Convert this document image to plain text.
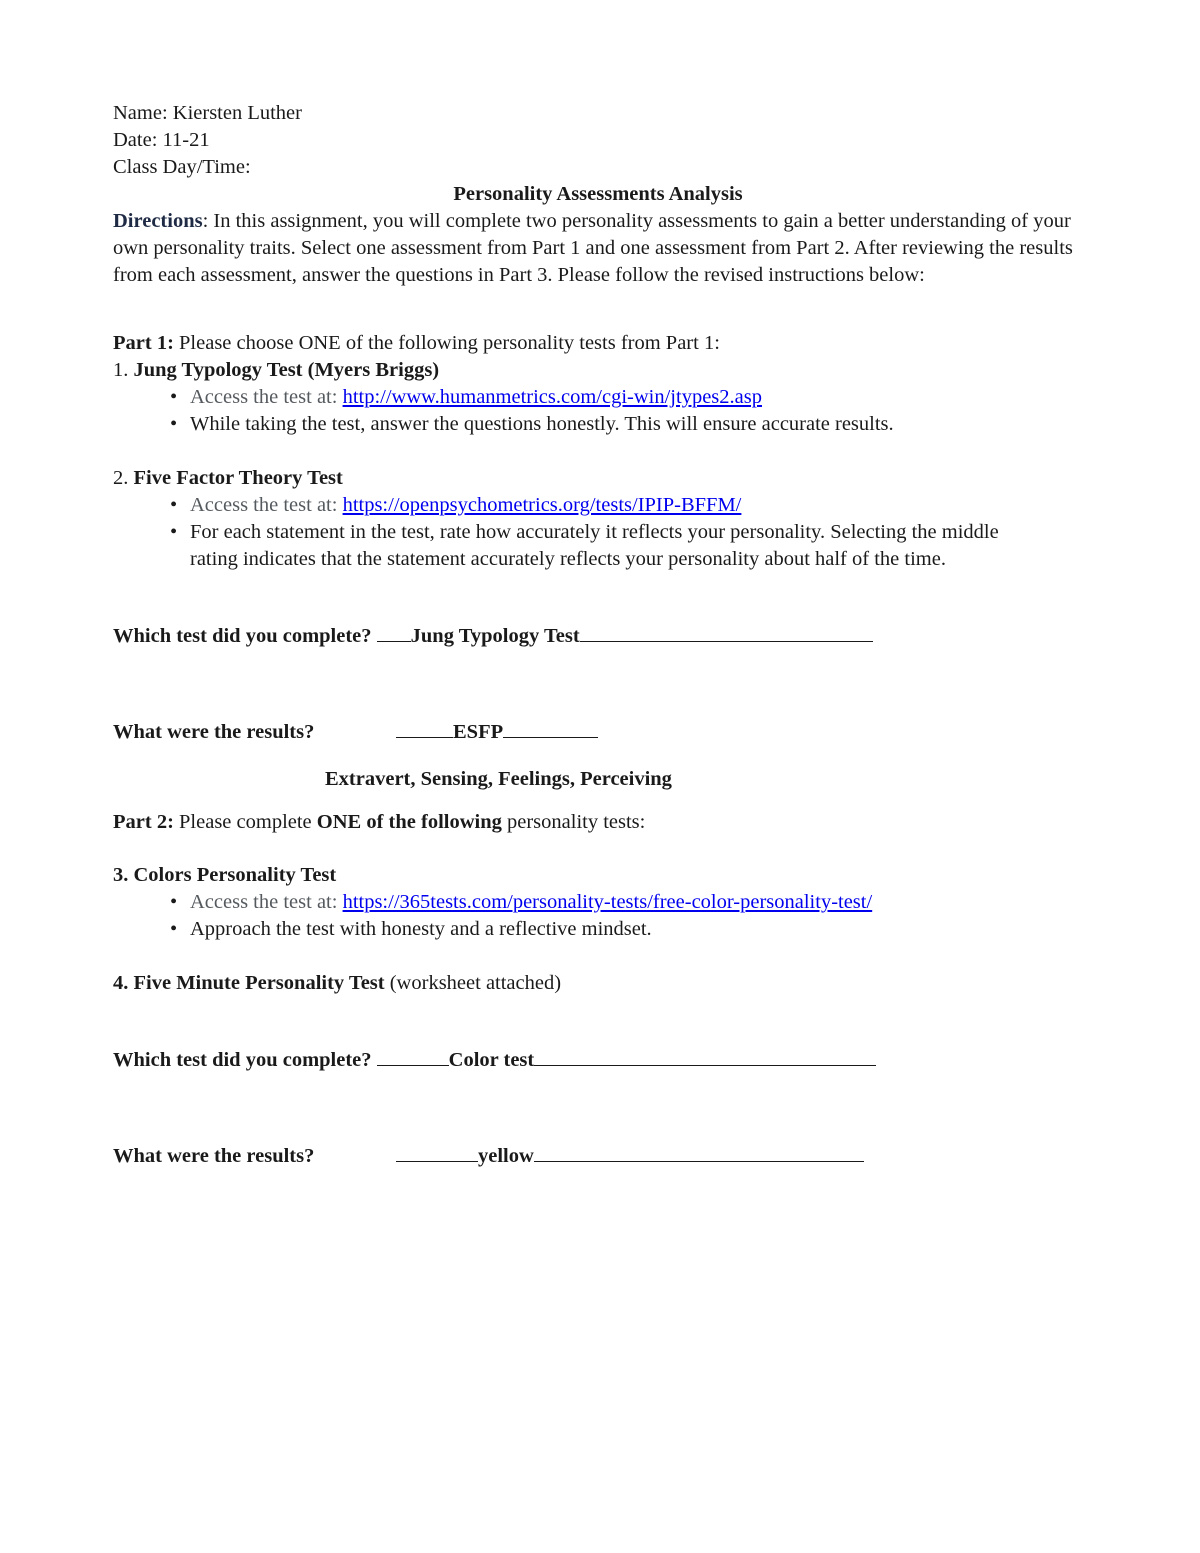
Name: Kiersten Luther

Date: 11-21

Class Day/Time:

Personality Assessments Analysis

Directions: In this assignment, you will complete two personality assessments to gain a better understanding of your own personality traits. Select one assessment from Part 1 and one assessment from Part 2. After reviewing the results from each assessment, answer the questions in Part 3. Please follow the revised instructions below:

Part 1: Please choose ONE of the following personality tests from Part 1:

1. Jung Typology Test (Myers Briggs)

• Access the test at: http://www.humanmetrics.com/cgi-win/jtypes2.asp
• While taking the test, answer the questions honestly. This will ensure accurate results.

2. Five Factor Theory Test

• Access the test at: https://openpsychometrics.org/tests/IPIP-BFFM/
• For each statement in the test, rate how accurately it reflects your personality. Selecting the middle rating indicates that the statement accurately reflects your personality about half of the time.

Which test did you complete? Jung Typology Test

What were the results?	ESFP

Extravert, Sensing, Feelings, Perceiving

Part 2: Please complete ONE of the following personality tests:

3. Colors Personality Test

• Access the test at: https://365tests.com/personality-tests/free-color-personality-test/
• Approach the test with honesty and a reflective mindset.

4. Five Minute Personality Test (worksheet attached)

Which test did you complete?	Color test

What were the results?	yellow
